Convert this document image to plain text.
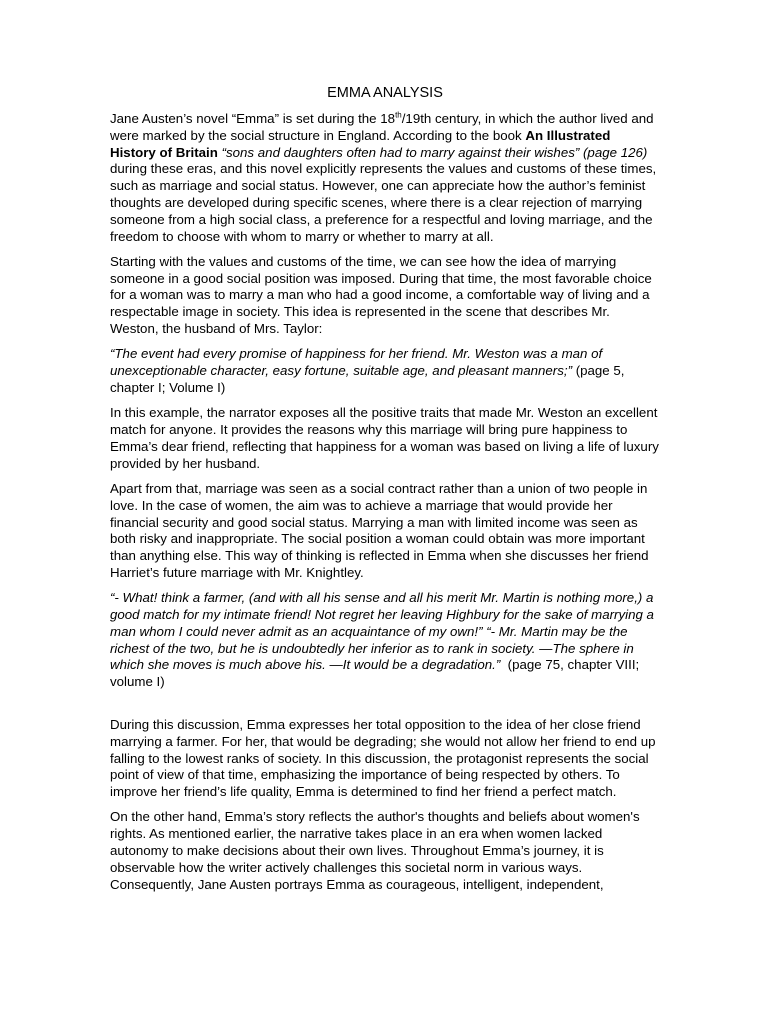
EMMA ANALYSIS

Jane Austen’s novel “Emma” is set during the 18th/19th century, in which the author lived and were marked by the social structure in England. According to the book An Illustrated     History of Britain “sons and daughters often had to marry against their wishes” (page 126) during these eras, and this novel explicitly represents the values and customs of these times, such as marriage and social status. However, one can appreciate how the author’s feminist thoughts are developed during specific scenes, where there is a clear rejection of marrying someone from a high social class, a preference for a respectful and loving marriage, and the freedom to choose with whom to marry or whether to marry at all.

Starting with the values and customs of the time, we can see how the idea of marrying someone in a good social position was imposed. During that time, the most favorable choice for a woman was to marry a man who had a good income, a comfortable way of living and a respectable image in society. This idea is represented in the scene that describes Mr. Weston, the husband of Mrs. Taylor:

“The event had every promise of happiness for her friend. Mr. Weston was a man of unexceptionable character, easy fortune, suitable age, and pleasant manners;” (page 5, chapter I; Volume I)

In this example, the narrator exposes all the positive traits that made Mr. Weston an excellent match for anyone. It provides the reasons why this marriage will bring pure happiness to Emma’s dear friend, reflecting that happiness for a woman was based on living a life of luxury provided by her husband.

Apart from that, marriage was seen as a social contract rather than a union of two people in love. In the case of women, the aim was to achieve a marriage that would provide her financial security and good social status. Marrying a man with limited income was seen as both risky and inappropriate. The social position a woman could obtain was more important than anything else. This way of thinking is reflected in Emma when she discusses her friend Harriet’s future marriage with Mr. Knightley.

“- What! think a farmer, (and with all his sense and all his merit Mr. Martin is nothing more,) a good match for my intimate friend! Not regret her leaving Highbury for the sake of marrying a man whom I could never admit as an acquaintance of my own!” “- Mr. Martin may be the richest of the two, but he is undoubtedly her inferior as to rank in society. —The sphere in which she moves is much above his. —It would be a degradation.”  (page 75, chapter VIII; volume I)

During this discussion, Emma expresses her total opposition to the idea of her close friend marrying a farmer. For her, that would be degrading; she would not allow her friend to end up falling to the lowest ranks of society. In this discussion, the protagonist represents the social point of view of that time, emphasizing the importance of being respected by others. To improve her friend’s life quality, Emma is determined to find her friend a perfect match.

On the other hand, Emma’s story reflects the author's thoughts and beliefs about women's rights. As mentioned earlier, the narrative takes place in an era when women lacked autonomy to make decisions about their own lives. Throughout Emma’s journey, it is observable how the writer actively challenges this societal norm in various ways. Consequently, Jane Austen portrays Emma as courageous, intelligent, independent,
